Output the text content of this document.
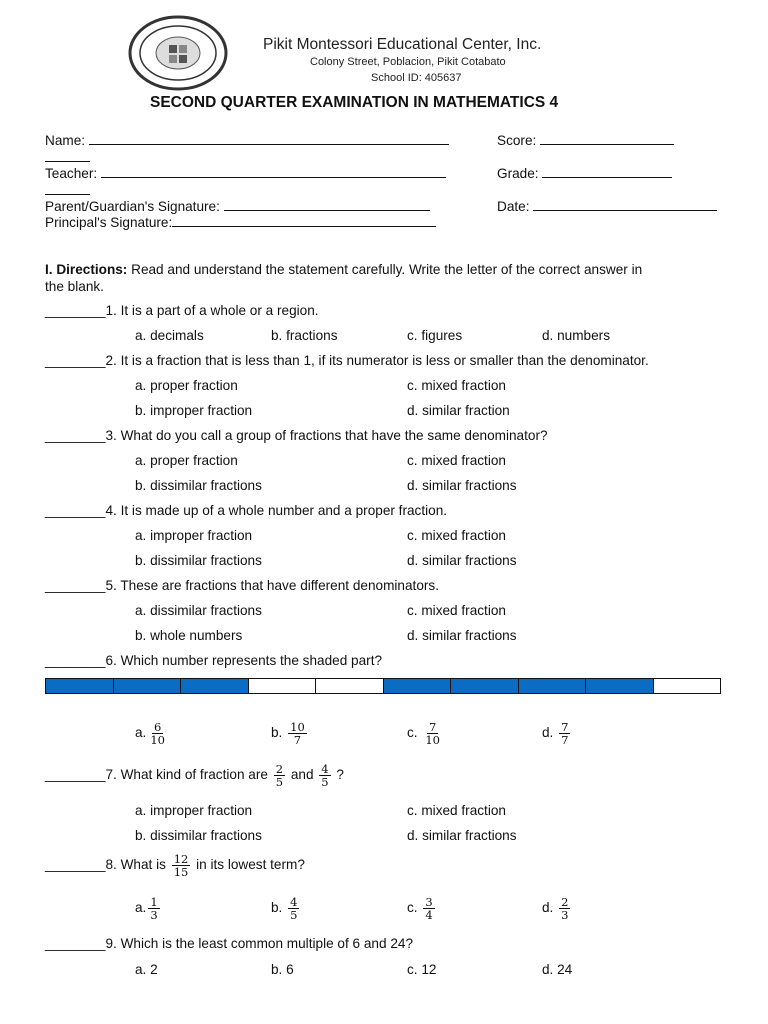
Pikit Montessori Educational Center, Inc.
Colony Street, Poblacion, Pikit Cotabato
School ID: 405637
SECOND QUARTER EXAMINATION IN MATHEMATICS 4
Name:	Score:
Teacher:	Grade:
Parent/Guardian's Signature:	Date:
Principal's Signature:
I. Directions: Read and understand the statement carefully. Write the letter of the correct answer in
the blank.
________1. It is a part of a whole or a region.
a. decimals	b. fractions	c. figures	d. numbers
________2. It is a fraction that is less than 1, if its numerator is less or smaller than the denominator.
a. proper fraction	c. mixed fraction
b. improper fraction	d. similar fraction
________3. What do you call a group of fractions that have the same denominator?
a. proper fraction	c. mixed fraction
b. dissimilar fractions	d. similar fractions
________4. It is made up of a whole number and a proper fraction.
a. improper fraction	c. mixed fraction
b. dissimilar fractions	d. similar fractions
________5. These are fractions that have different denominators.
a. dissimilar fractions	c. mixed fraction
b. whole numbers	d. similar fractions
________6. Which number represents the shaded part?
a. $\frac{6}{10}$	b. $\frac{10}{7}$	c. $\frac{7}{10}$	d. $\frac{7}{7}$
________7. What kind of fraction are $\frac{2}{5}$ and $\frac{4}{5}$ ?
a. improper fraction	c. mixed fraction
b. dissimilar fractions	d. similar fractions
________8. What is $\frac{12}{15}$ in its lowest term?
a. $\frac{1}{3}$	b. $\frac{4}{5}$	c. $\frac{3}{4}$	d. $\frac{2}{3}$
________9. Which is the least common multiple of 6 and 24?
a. 2	b. 6	c. 12	d. 24
